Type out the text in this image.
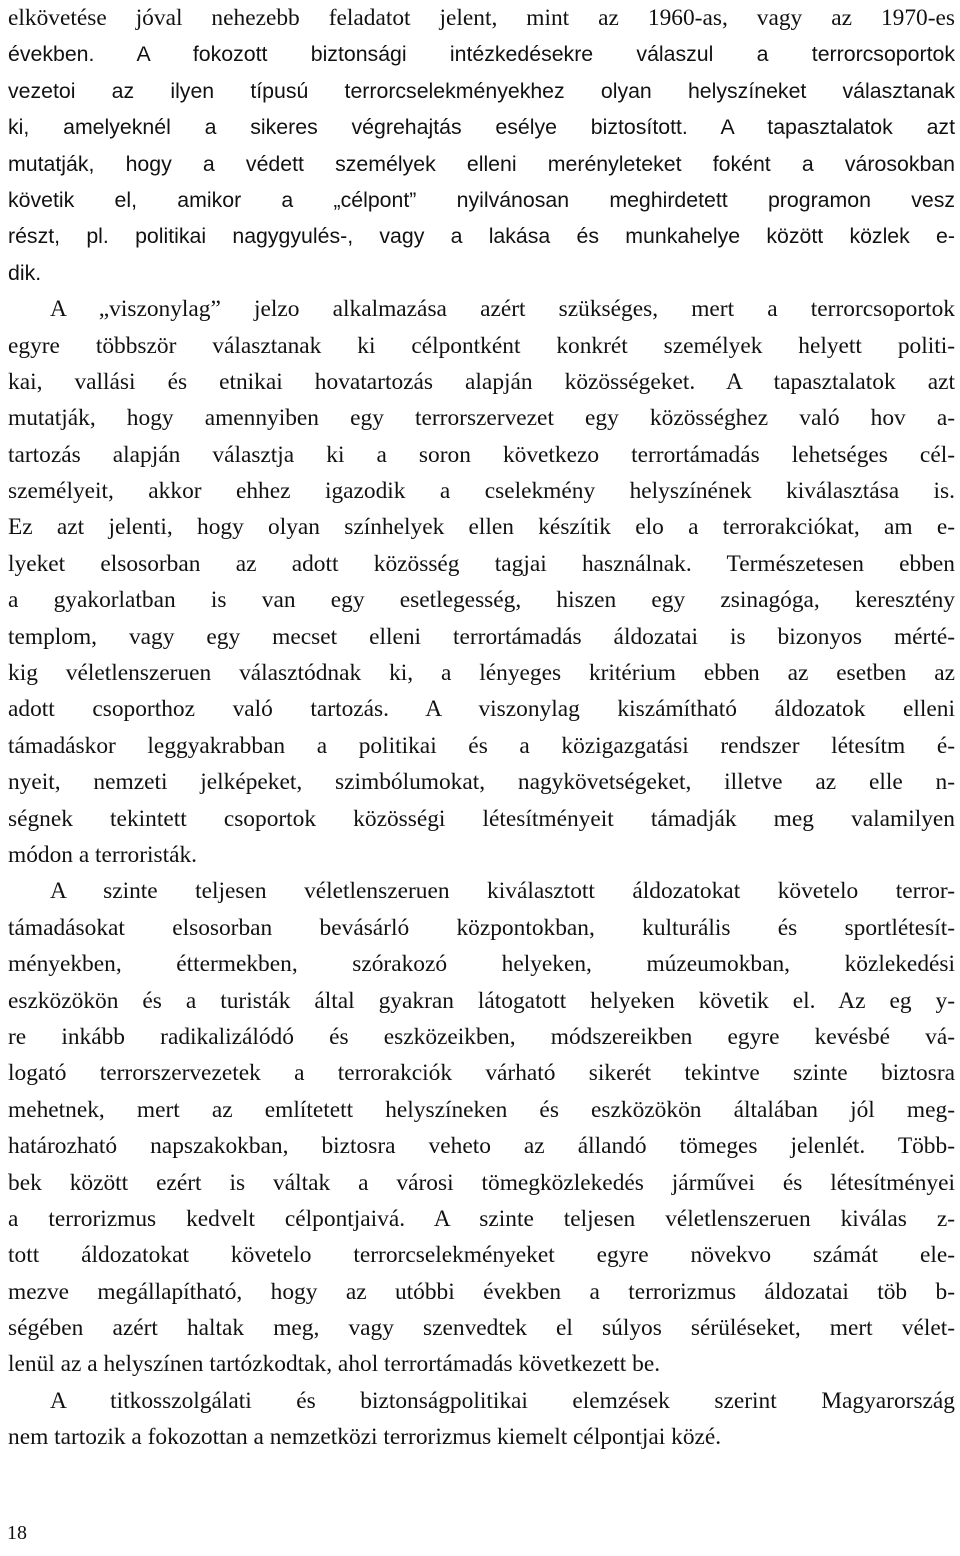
elkövetése jóval nehezebb feladatot jelent, mint az 1960-as, vagy az 1970-es
években. A fokozott biztonsági intézkedésekre válaszul a terrorcsoportok
vezetoi az ilyen típusú terrorcselekményekhez olyan helyszíneket választanak
ki, amelyeknél a sikeres végrehajtás esélye biztosított. A tapasztalatok azt
mutatják, hogy a védett személyek elleni merényleteket foként a városokban
követik el, amikor a „célpont” nyilvánosan meghirdetett programon vesz
részt, pl. politikai nagygyulés-, vagy a lakása és munkahelye között közlek e-
dik.
A „viszonylag” jelzo alkalmazása azért szükséges, mert a terrorcsoportok
egyre többször választanak ki célpontként konkrét személyek helyett politi-
kai, vallási és etnikai hovatartozás alapján közösségeket. A tapasztalatok azt
mutatják, hogy amennyiben egy terrorszervezet egy közösséghez való hov a-
tartozás alapján választja ki a soron következo terrortámadás lehetséges cél-
személyeit, akkor ehhez igazodik a cselekmény helyszínének kiválasztása is.
Ez azt jelenti, hogy olyan színhelyek ellen készítik elo a terrorakciókat, am e-
lyeket elsosorban az adott közösség tagjai használnak. Természetesen ebben
a gyakorlatban is van egy esetlegesség, hiszen egy zsinagóga, keresztény
templom, vagy egy mecset elleni terrortámadás áldozatai is bizonyos mérté-
kig véletlenszeruen választódnak ki, a lényeges kritérium ebben az esetben az
adott csoporthoz való tartozás. A viszonylag kiszámítható áldozatok elleni
támadáskor leggyakrabban a politikai és a közigazgatási rendszer létesítm é-
nyeit, nemzeti jelképeket, szimbólumokat, nagykövetségeket, illetve az elle n-
ségnek tekintett csoportok közösségi létesítményeit támadják meg valamilyen
módon a terroristák.
A szinte teljesen véletlenszeruen kiválasztott áldozatokat követelo terror-
támadásokat elsosorban bevásárló központokban, kulturális és sportlétesít-
ményekben, éttermekben, szórakozó helyeken, múzeumokban, közlekedési
eszközökön és a turisták által gyakran látogatott helyeken követik el. Az eg y-
re inkább radikalizálódó és eszközeikben, módszereikben egyre kevésbé vá-
logató terrorszervezetek a terrorakciók várható sikerét tekintve szinte biztosra
mehetnek, mert az említetett helyszíneken és eszközökön általában jól meg-
határozható napszakokban, biztosra veheto az állandó tömeges jelenlét. Több-
bek között ezért is váltak a városi tömegközlekedés járművei és létesítményei
a terrorizmus kedvelt célpontjaivá. A szinte teljesen véletlenszeruen kiválas z-
tott áldozatokat követelo terrorcselekményeket egyre növekvo számát ele-
mezve megállapítható, hogy az utóbbi években a terrorizmus áldozatai töb b-
ségében azért haltak meg, vagy szenvedtek el súlyos sérüléseket, mert vélet-
lenül az a helyszínen tartózkodtak, ahol terrortámadás következett be.
A titkosszolgálati és biztonságpolitikai elemzések szerint Magyarország
nem tartozik a fokozottan a nemzetközi terrorizmus kiemelt célpontjai közé.
18
